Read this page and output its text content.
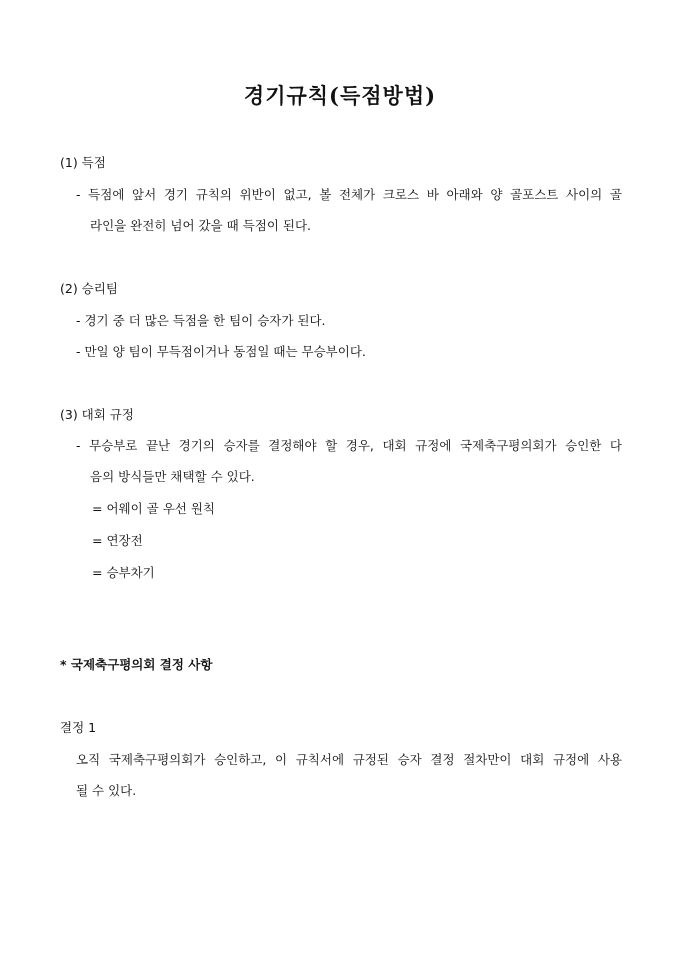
경기규칙(득점방법)
(1) 득점
- 득점에 앞서 경기 규칙의 위반이 없고, 볼 전체가 크로스 바 아래와 양 골포스트 사이의 골
라인을 완전히 넘어 갔을 때 득점이 된다.
(2) 승리팀
- 경기 중 더 많은 득점을 한 팀이 승자가 된다.
- 만일 양 팀이 무득점이거나 동점일 때는 무승부이다.
(3) 대회 규정
- 무승부로 끝난 경기의 승자를 결정해야 할 경우, 대회 규정에 국제축구평의회가 승인한 다
음의 방식들만 채택할 수 있다.
= 어웨이 골 우선 원칙
= 연장전
= 승부차기
* 국제축구평의회 결정 사항
결정 1
오직 국제축구평의회가 승인하고, 이 규칙서에 규정된 승자 결정 절차만이 대회 규정에 사용
될 수 있다.
